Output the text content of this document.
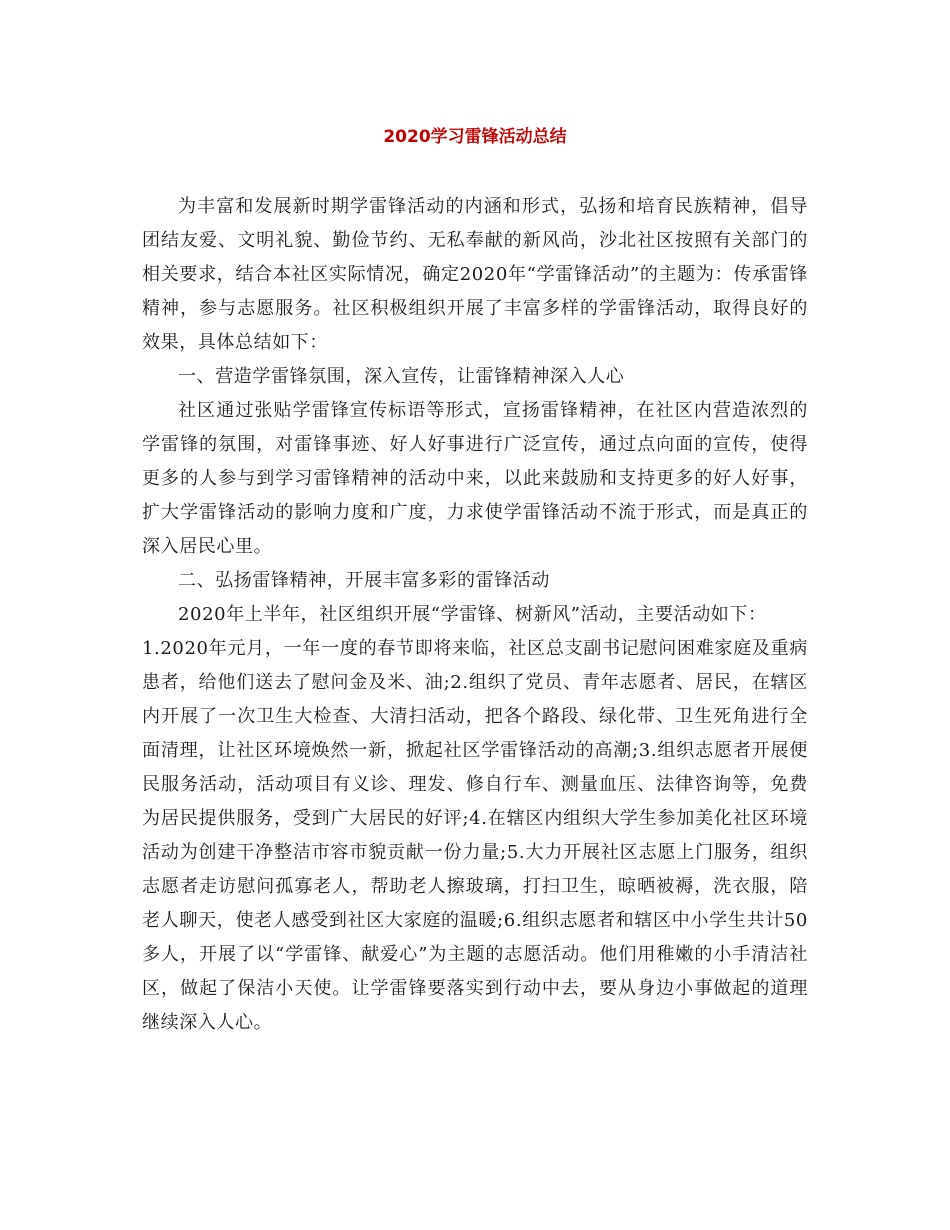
2020学习雷锋活动总结

为丰富和发展新时期学雷锋活动的内涵和形式，弘扬和培育民族精神，倡导团结友爱、文明礼貌、勤俭节约、无私奉献的新风尚，沙北社区按照有关部门的相关要求，结合本社区实际情况，确定2020年“学雷锋活动”的主题为：传承雷锋精神，参与志愿服务。社区积极组织开展了丰富多样的学雷锋活动，取得良好的效果，具体总结如下：

一、营造学雷锋氛围，深入宣传，让雷锋精神深入人心

社区通过张贴学雷锋宣传标语等形式，宣扬雷锋精神，在社区内营造浓烈的学雷锋的氛围，对雷锋事迹、好人好事进行广泛宣传，通过点向面的宣传，使得更多的人参与到学习雷锋精神的活动中来，以此来鼓励和支持更多的好人好事，扩大学雷锋活动的影响力度和广度，力求使学雷锋活动不流于形式，而是真正的深入居民心里。

二、弘扬雷锋精神，开展丰富多彩的雷锋活动

2020年上半年，社区组织开展“学雷锋、树新风”活动，主要活动如下：

1.2020年元月，一年一度的春节即将来临，社区总支副书记慰问困难家庭及重病患者，给他们送去了慰问金及米、油;2.组织了党员、青年志愿者、居民，在辖区内开展了一次卫生大检查、大清扫活动，把各个路段、绿化带、卫生死角进行全面清理，让社区环境焕然一新，掀起社区学雷锋活动的高潮;3.组织志愿者开展便民服务活动，活动项目有义诊、理发、修自行车、测量血压、法律咨询等，免费为居民提供服务，受到广大居民的好评;4.在辖区内组织大学生参加美化社区环境活动为创建干净整洁市容市貌贡献一份力量;5.大力开展社区志愿上门服务，组织志愿者走访慰问孤寡老人，帮助老人擦玻璃，打扫卫生，晾晒被褥，洗衣服，陪老人聊天，使老人感受到社区大家庭的温暖;6.组织志愿者和辖区中小学生共计50多人，开展了以“学雷锋、献爱心”为主题的志愿活动。他们用稚嫩的小手清洁社区，做起了保洁小天使。让学雷锋要落实到行动中去，要从身边小事做起的道理继续深入人心。
